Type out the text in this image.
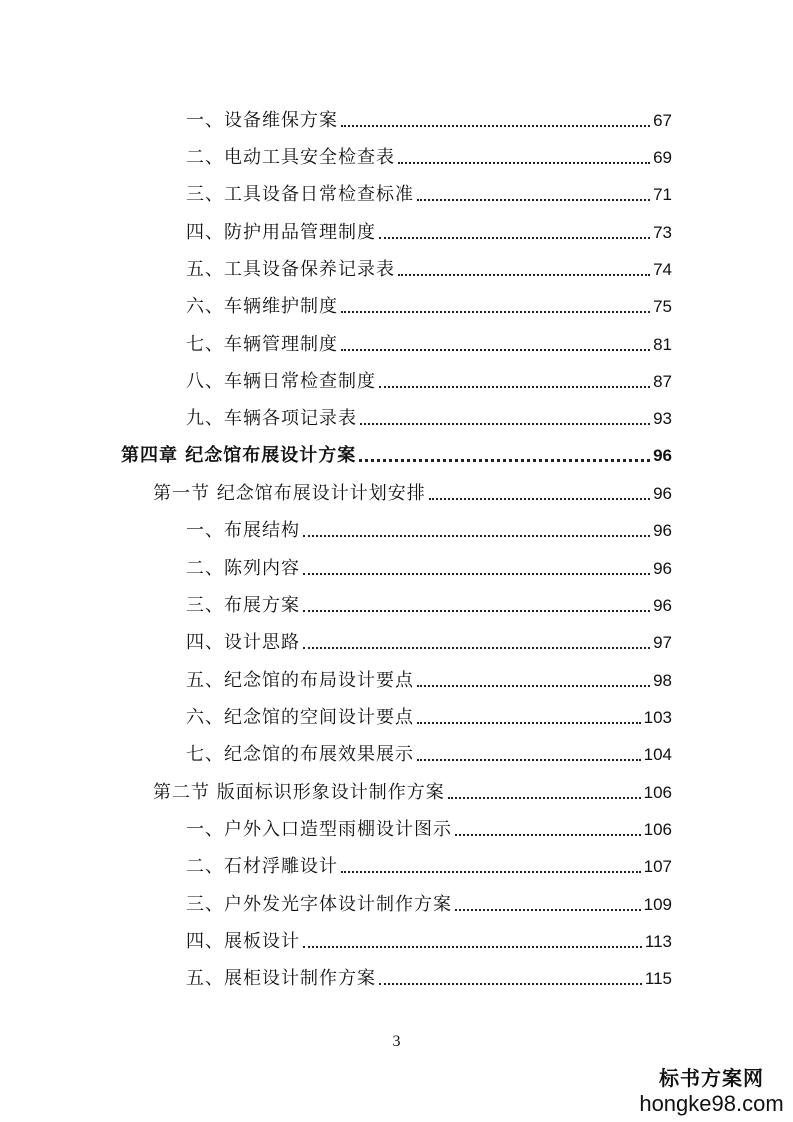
一、设备维保方案	67
二、电动工具安全检查表	69
三、工具设备日常检查标准	71
四、防护用品管理制度	73
五、工具设备保养记录表	74
六、车辆维护制度	75
七、车辆管理制度	81
八、车辆日常检查制度	87
九、车辆各项记录表	93
第四章 纪念馆布展设计方案	96
第一节 纪念馆布展设计计划安排	96
一、布展结构	96
二、陈列内容	96
三、布展方案	96
四、设计思路	97
五、纪念馆的布局设计要点	98
六、纪念馆的空间设计要点	103
七、纪念馆的布展效果展示	104
第二节 版面标识形象设计制作方案	106
一、户外入口造型雨棚设计图示	106
二、石材浮雕设计	107
三、户外发光字体设计制作方案	109
四、展板设计	113
五、展柜设计制作方案	115
3
标书方案网
hongke98.com
